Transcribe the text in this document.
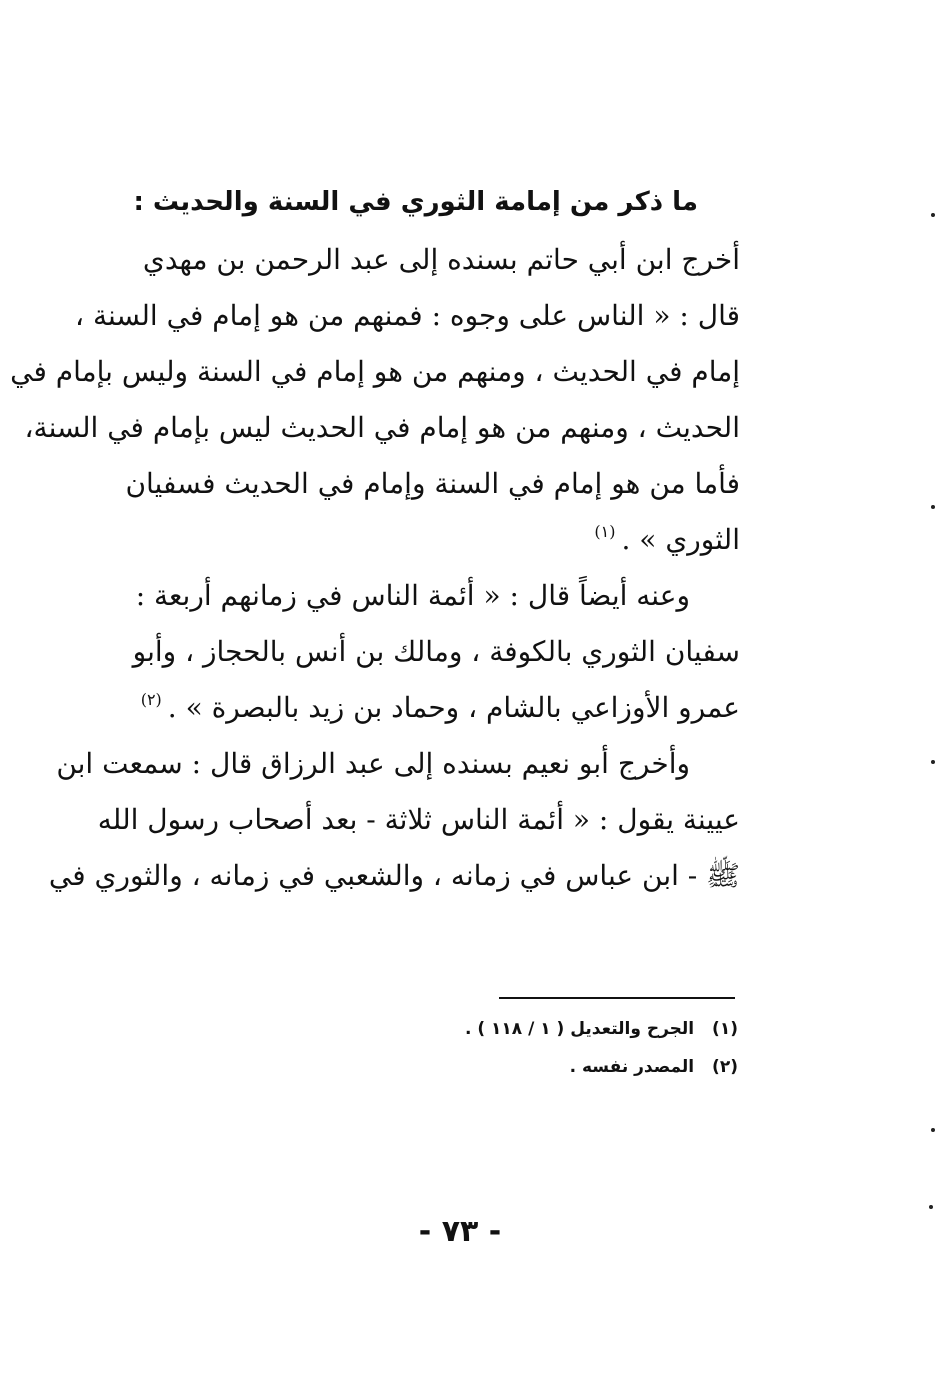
ما ذكر من إمامة الثوري في السنة والحديث :
أخرج ابن أبي حاتم بسنده إلى عبد الرحمن بن مهدي
قال : « الناس على وجوه : فمنهم من هو إمام في السنة ،
إمام في الحديث ، ومنهم من هو إمام في السنة وليس بإمام في
الحديث ، ومنهم من هو إمام في الحديث ليس بإمام في السنة،
فأما من هو إمام في السنة وإمام في الحديث فسفيان
الثوري » .$^{(١)}$
وعنه أيضاً قال : « أئمة الناس في زمانهم أربعة :
سفيان الثوري بالكوفة ، ومالك بن أنس بالحجاز ، وأبو
عمرو الأوزاعي بالشام ، وحماد بن زيد بالبصرة » .$^{(٢)}$
وأخرج أبو نعيم بسنده إلى عبد الرزاق قال : سمعت ابن
عيينة يقول : « أئمة الناس ثلاثة - بعد أصحاب رسول الله
ﷺ - ابن عباس في زمانه ، والشعبي في زمانه ، والثوري في
(١) الجرح والتعديل ( ١ / ١١٨ ) .
(٢) المصدر نفسه .
- ٧٣ -
